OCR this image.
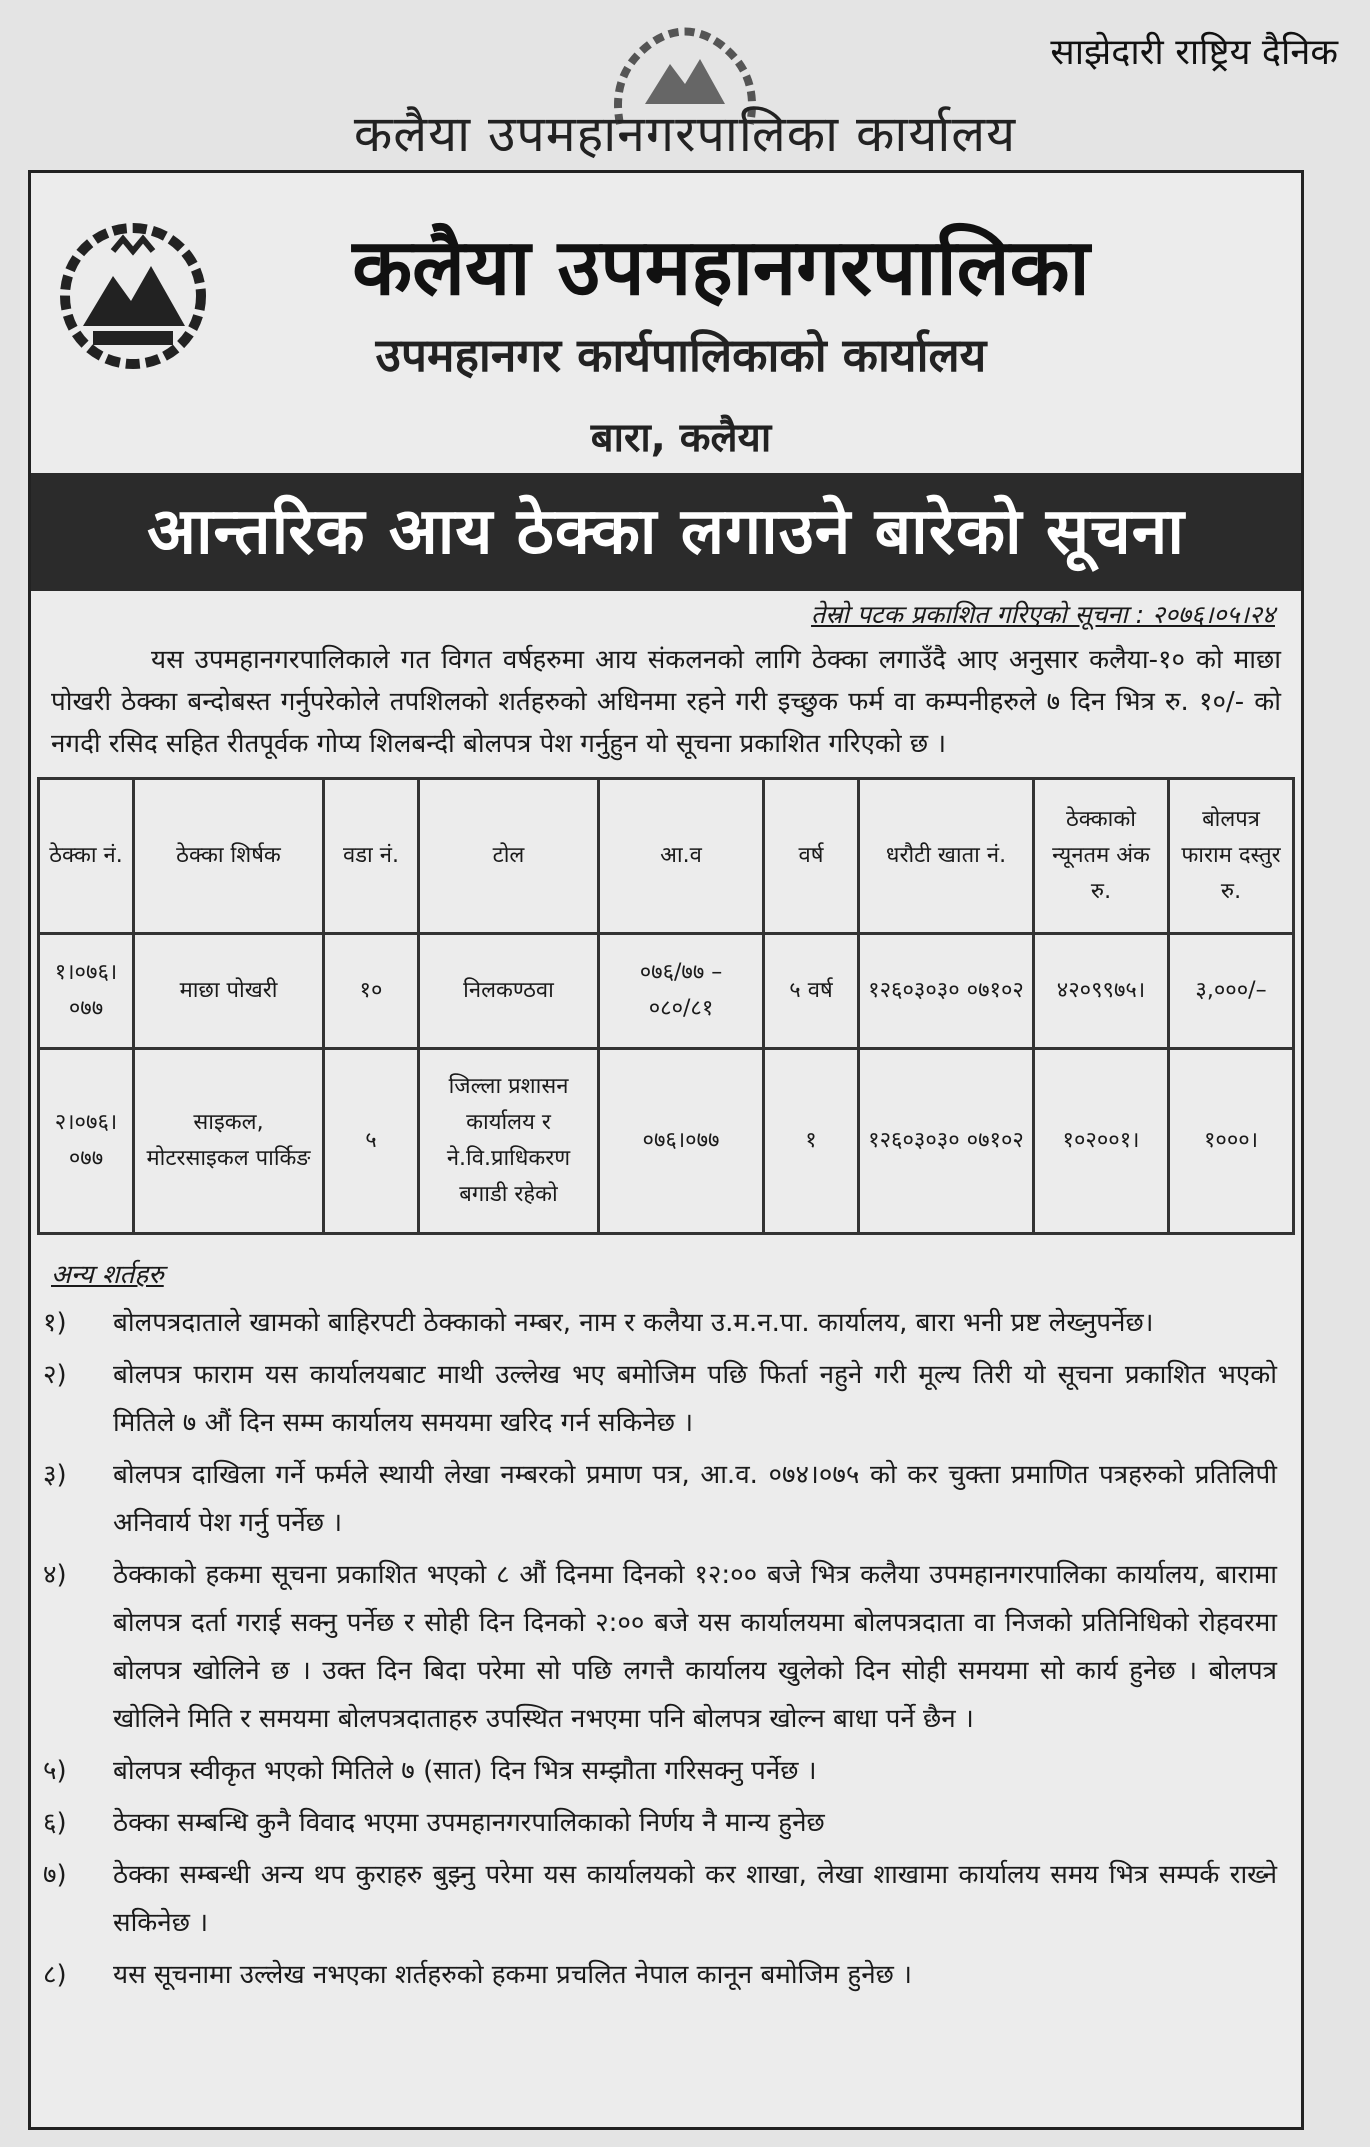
साझेदारी राष्ट्रिय दैनिक
कलैया उपमहानगरपालिका कार्यालय
कलैया उपमहानगरपालिका
उपमहानगर कार्यपालिकाको कार्यालय
बारा, कलैया
आन्तरिक आय ठेक्का लगाउने बारेको सूचना
तेस्रो पटक प्रकाशित गरिएको सूचना : २०७६।०५।२४
यस उपमहानगरपालिकाले गत विगत वर्षहरुमा आय संकलनको लागि ठेक्का लगाउँदै आए अनुसार कलैया-१० को माछा पोखरी ठेक्का बन्दोबस्त गर्नुपरेकोले तपशिलको शर्तहरुको अधिनमा रहने गरी इच्छुक फर्म वा कम्पनीहरुले ७ दिन भित्र रु. १०/- को नगदी रसिद सहित रीतपूर्वक गोप्य शिलबन्दी बोलपत्र पेश गर्नुहुन यो सूचना प्रकाशित गरिएको छ ।
ठेक्का नं.	ठेक्का शिर्षक	वडा नं.	टोल	आ.व	वर्ष	धरौटी खाता नं.	ठेक्काको न्यूनतम अंक रु.	बोलपत्र फाराम दस्तुर रु.
१।०७६।०७७	माछा पोखरी	१०	निलकण्ठवा	०७६/७७ – ०८०/८१	५ वर्ष	१२६०३०३० ०७१०२	४२०९९७५।	३,०००/–
२।०७६।०७७	साइकल, मोटरसाइकल पार्किङ	५	जिल्ला प्रशासन कार्यालय र ने.वि.प्राधिकरण बगाडी रहेको	०७६।०७७	१	१२६०३०३० ०७१०२	१०२००१।	१०००।
अन्य शर्तहरु
१)	बोलपत्रदाताले खामको बाहिरपटी ठेक्काको नम्बर, नाम र कलैया उ.म.न.पा. कार्यालय, बारा भनी प्रष्ट लेख्नुपर्नेछ।
२)	बोलपत्र फाराम यस कार्यालयबाट माथी उल्लेख भए बमोजिम पछि फिर्ता नहुने गरी मूल्य तिरी यो सूचना प्रकाशित भएको मितिले ७ औं दिन सम्म कार्यालय समयमा खरिद गर्न सकिनेछ ।
३)	बोलपत्र दाखिला गर्ने फर्मले स्थायी लेखा नम्बरको प्रमाण पत्र, आ.व. ०७४।०७५ को कर चुक्ता प्रमाणित पत्रहरुको प्रतिलिपी अनिवार्य पेश गर्नु पर्नेछ ।
४)	ठेक्काको हकमा सूचना प्रकाशित भएको ८ औं दिनमा दिनको १२:०० बजे भित्र कलैया उपमहानगरपालिका कार्यालय, बारामा बोलपत्र दर्ता गराई सक्नु पर्नेछ र सोही दिन दिनको २:०० बजे यस कार्यालयमा बोलपत्रदाता वा निजको प्रतिनिधिको रोहवरमा बोलपत्र खोलिने छ । उक्त दिन बिदा परेमा सो पछि लगत्तै कार्यालय खुलेको दिन सोही समयमा सो कार्य हुनेछ । बोलपत्र खोलिने मिति र समयमा बोलपत्रदाताहरु उपस्थित नभएमा पनि बोलपत्र खोल्न बाधा पर्ने छैन ।
५)	बोलपत्र स्वीकृत भएको मितिले ७ (सात) दिन भित्र सम्झौता गरिसक्नु पर्नेछ ।
६)	ठेक्का सम्बन्धि कुनै विवाद भएमा उपमहानगरपालिकाको निर्णय नै मान्य हुनेछ
७)	ठेक्का सम्बन्धी अन्य थप कुराहरु बुझ्नु परेमा यस कार्यालयको कर शाखा, लेखा शाखामा कार्यालय समय भित्र सम्पर्क राख्ने सकिनेछ ।
८)	यस सूचनामा उल्लेख नभएका शर्तहरुको हकमा प्रचलित नेपाल कानून बमोजिम हुनेछ ।
